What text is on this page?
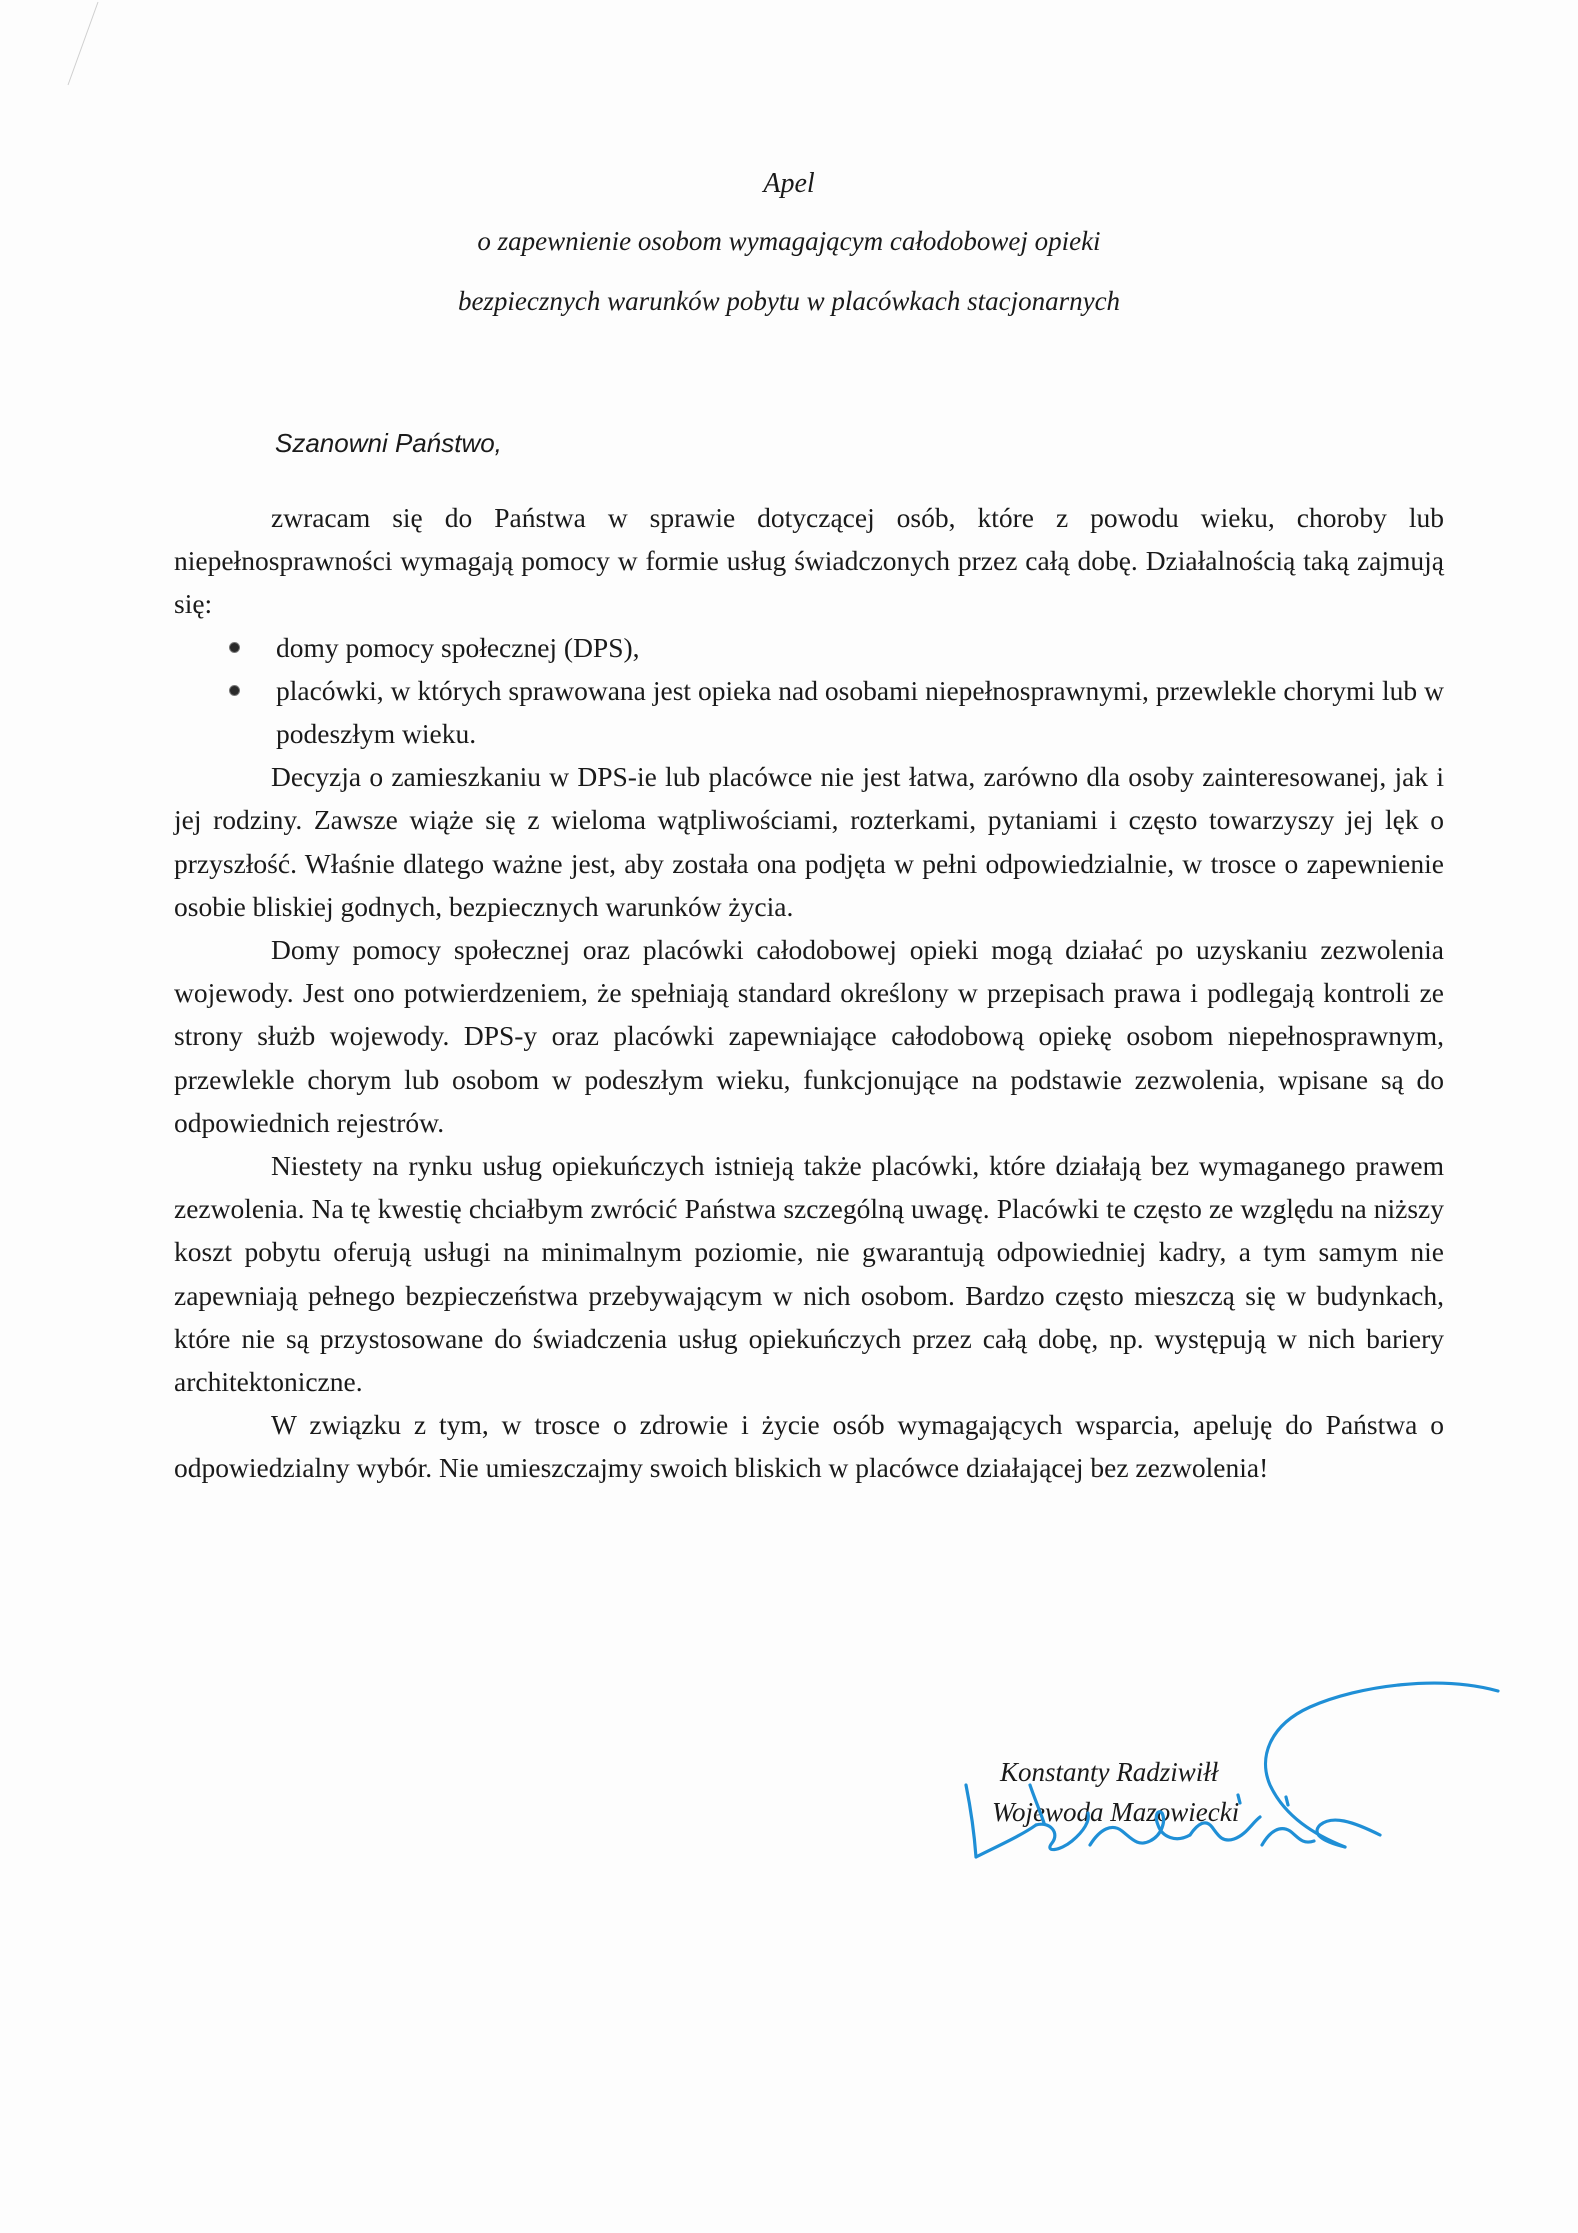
Apel
o zapewnienie osobom wymagającym całodobowej opieki
bezpiecznych warunków pobytu w placówkach stacjonarnych
Szanowni Państwo,

zwracam się do Państwa w sprawie dotyczącej osób, które z powodu wieku, choroby lub niepełnosprawności wymagają pomocy w formie usług świadczonych przez całą dobę. Działalnością taką zajmują się:

domy pomocy społecznej (DPS),
placówki, w których sprawowana jest opieka nad osobami niepełnosprawnymi, przewlekle chorymi lub w podeszłym wieku.

Decyzja o zamieszkaniu w DPS-ie lub placówce nie jest łatwa, zarówno dla osoby zainteresowanej, jak i jej rodziny. Zawsze wiąże się z wieloma wątpliwościami, rozterkami, pytaniami i często towarzyszy jej lęk o przyszłość. Właśnie dlatego ważne jest, aby została ona podjęta w pełni odpowiedzialnie, w trosce o zapewnienie osobie bliskiej godnych, bezpiecznych warunków życia.

Domy pomocy społecznej oraz placówki całodobowej opieki mogą działać po uzyskaniu zezwolenia wojewody. Jest ono potwierdzeniem, że spełniają standard określony w przepisach prawa i podlegają kontroli ze strony służb wojewody. DPS-y oraz placówki zapewniające całodobową opiekę osobom niepełnosprawnym, przewlekle chorym lub osobom w podeszłym wieku, funkcjonujące na podstawie zezwolenia, wpisane są do odpowiednich rejestrów.

Niestety na rynku usług opiekuńczych istnieją także placówki, które działają bez wymaganego prawem zezwolenia. Na tę kwestię chciałbym zwrócić Państwa szczególną uwagę. Placówki te często ze względu na niższy koszt pobytu oferują usługi na minimalnym poziomie, nie gwarantują odpowiedniej kadry, a tym samym nie zapewniają pełnego bezpieczeństwa przebywającym w nich osobom. Bardzo często mieszczą się w budynkach, które nie są przystosowane do świadczenia usług opiekuńczych przez całą dobę, np. występują w nich bariery architektoniczne.

W związku z tym, w trosce o zdrowie i życie osób wymagających wsparcia, apeluję do Państwa o odpowiedzialny wybór. Nie umieszczajmy swoich bliskich w placówce działającej bez zezwolenia!

Konstanty Radziwiłł
Wojewoda Mazowiecki
